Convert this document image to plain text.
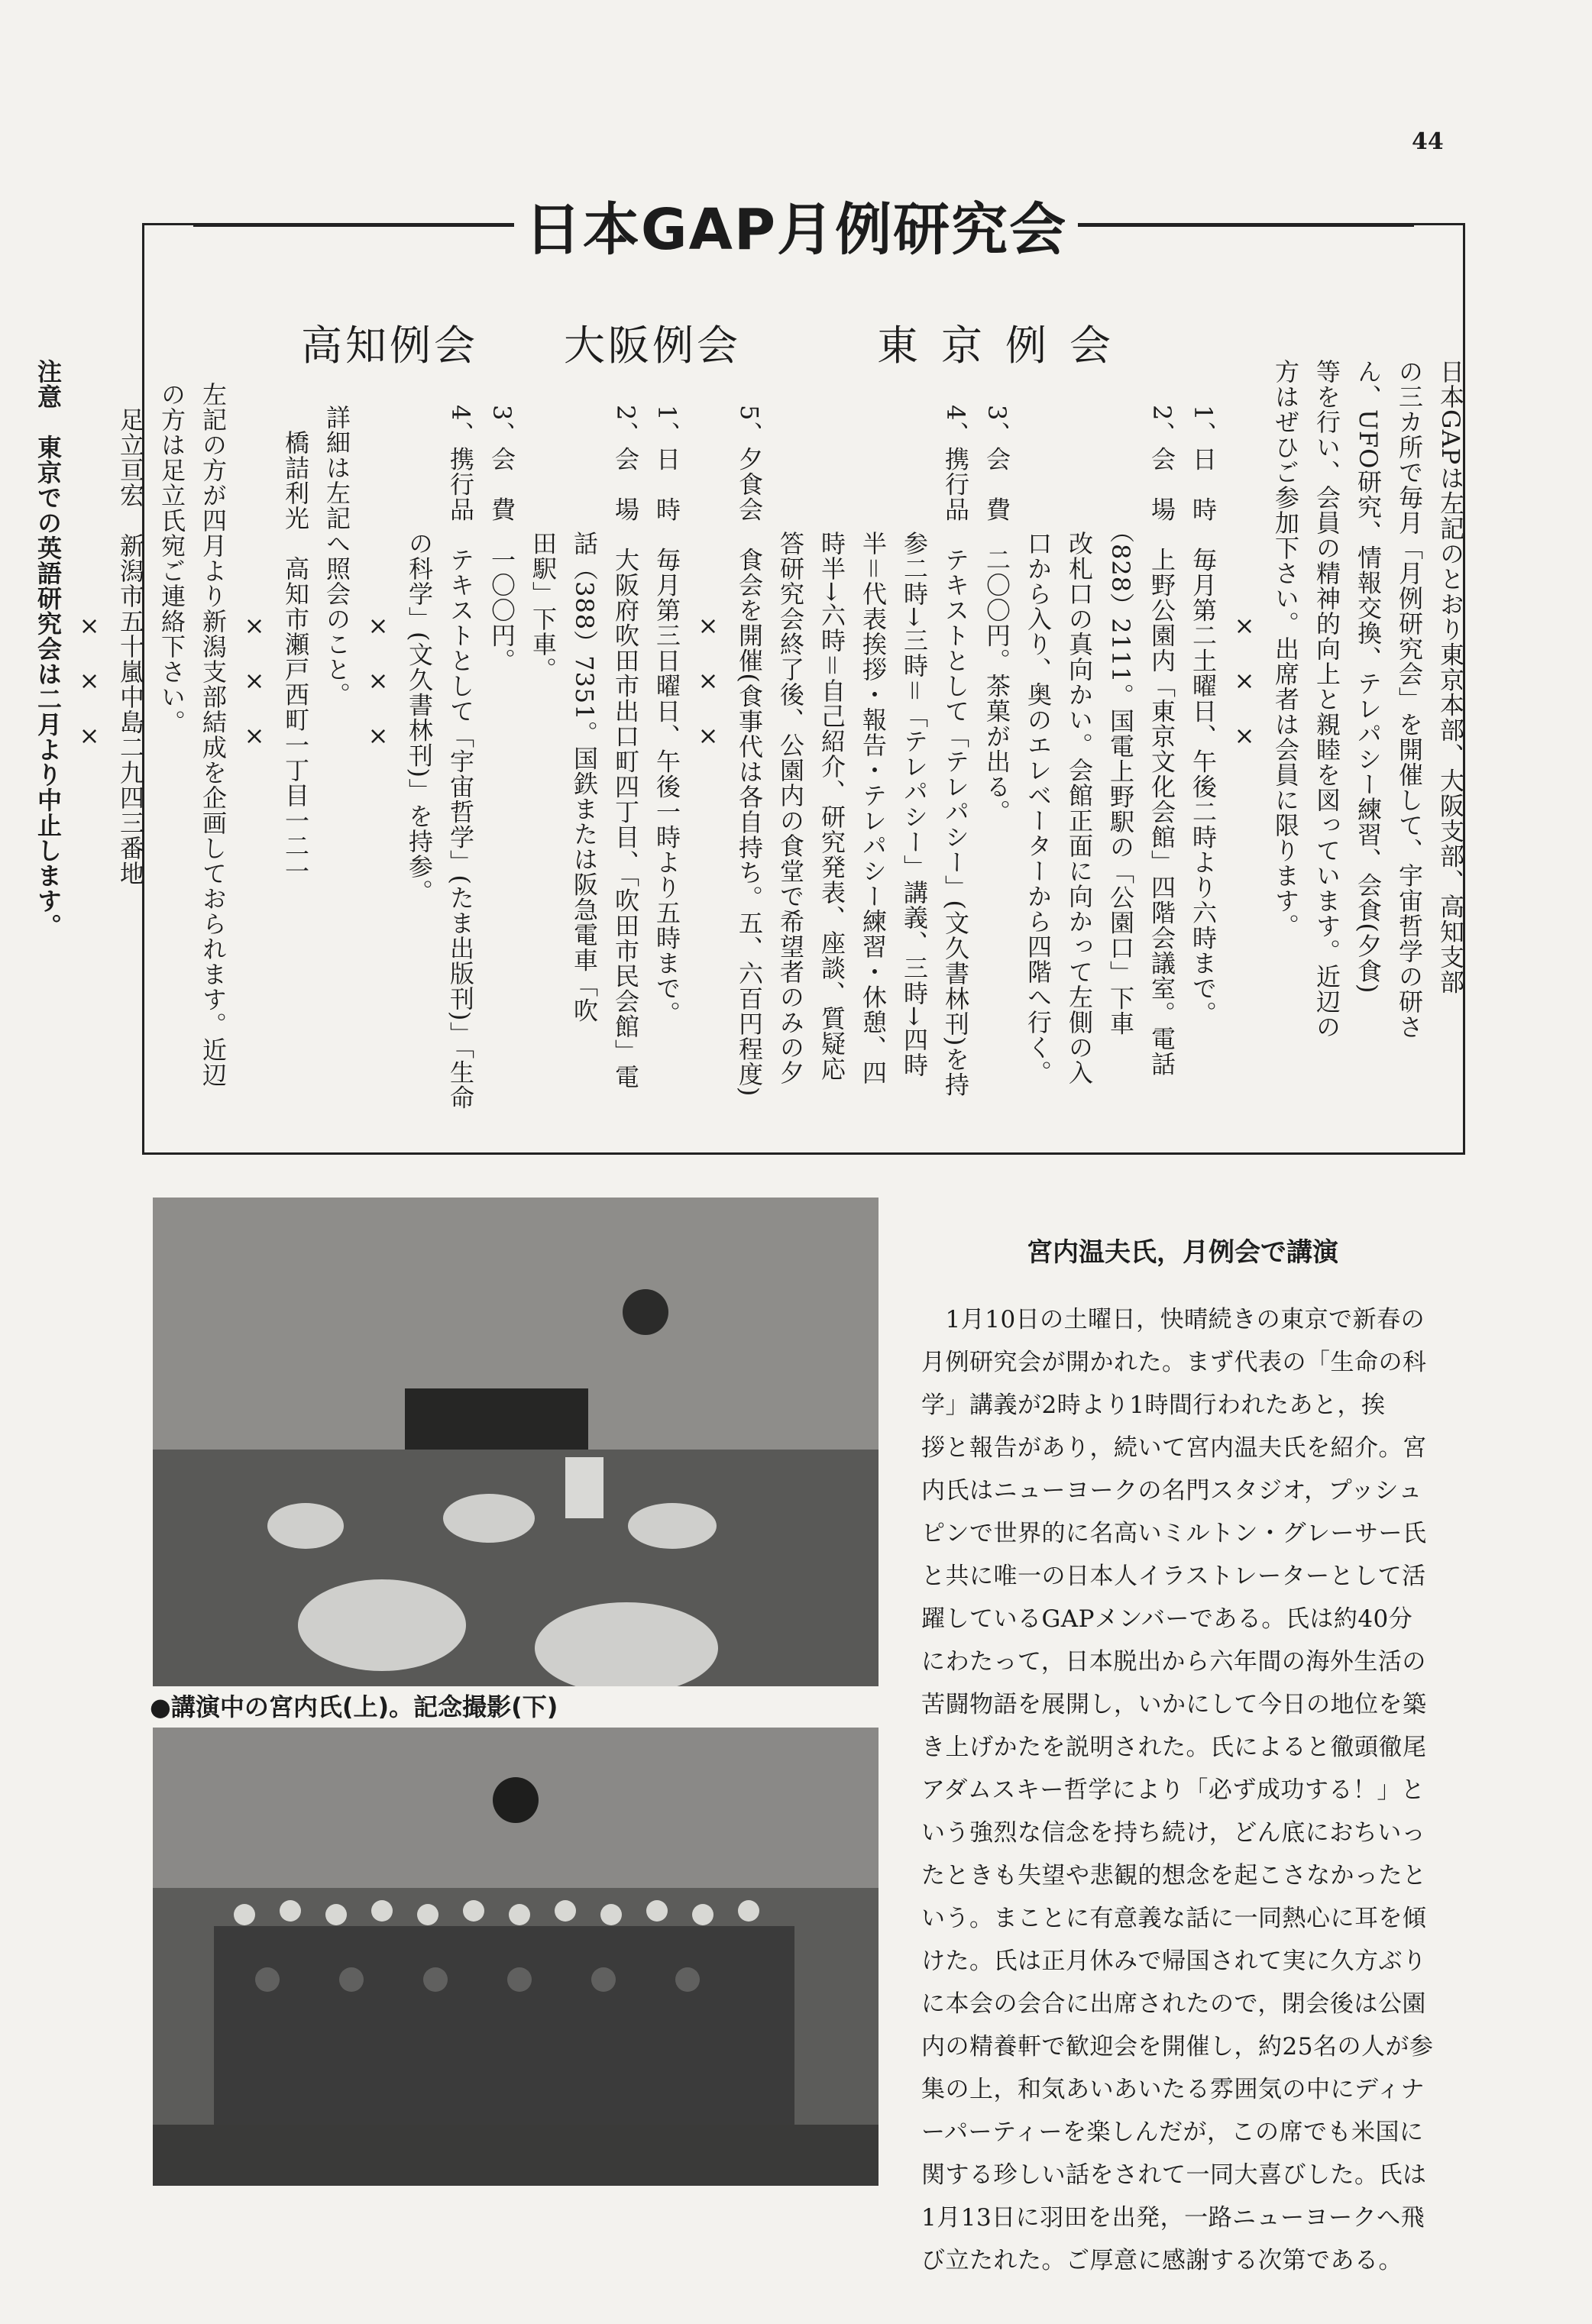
44
日本GAP月例研究会
高知例会 大阪例会	東京例会
日本GAPは左記のとおり東京本部、大阪支部、高知支部
の三カ所で毎月「月例研究会」を開催して、宇宙哲学の研さ
ん、UFO研究、情報交換、テレパシー練習、会食(夕食)
等を行い、会員の精神的向上と親睦を図っています。近辺の
方はぜひご参加下さい。出席者は会員に限ります。
×　×　×
1、日　時　毎月第二土曜日、午後二時より六時まで。
2、会　場　上野公園内「東京文化会館」四階会議室。電話
　　　　　（828）2111。国電上野駅の「公園口」下車
　　　　　改札口の真向かい。会館正面に向かって左側の入
　　　　　口から入り、奥のエレベーターから四階へ行く。
3、会　費　二〇〇円。茶菓が出る。
4、携行品　テキストとして「テレパシー」(文久書林刊)を持
　　　　　参二時→三時＝「テレパシー」講義、三時→四時
　　　　　半＝代表挨拶・報告・テレパシー練習・休憩、四
　　　　　時半→六時＝自己紹介、研究発表、座談、質疑応
　　　　　答研究会終了後、公園内の食堂で希望者のみの夕
5、夕食会　食会を開催(食事代は各自持ち。五、六百円程度)
×　×　×
1、日　時　毎月第三日曜日、午後一時より五時まで。
2、会　場　大阪府吹田市出口町四丁目、「吹田市民会館」電
　　　　　話（388）7351。国鉄または阪急電車「吹
　　　　　田駅」下車。
3、会　費　一〇〇円。
4、携行品　テキストとして「宇宙哲学」(たま出版刊)」「生命
　　　　　の科学」(文久書林刊)」を持参。
×　×　×
詳細は左記へ照会のこと。
　橋詰利光　高知市瀬戸西町一丁目一二一
×　×　×
左記の方が四月より新潟支部結成を企画しておられます。近辺
の方は足立氏宛ご連絡下さい。
　足立亘宏　新潟市五十嵐中島二九四三番地
×　×　×
注意　東京での英語研究会は二月より中止します。
●講演中の宮内氏(上)。記念撮影(下)
宮内温夫氏，月例会で講演

　1月10日の土曜日，快晴続きの東京で新春の

月例研究会が開かれた。まず代表の「生命の科

学」講義が2時より1時間行われたあと，挨

拶と報告があり，続いて宮内温夫氏を紹介。宮

内氏はニューヨークの名門スタジオ，プッシュ

ピンで世界的に名高いミルトン・グレーサー氏

と共に唯一の日本人イラストレーターとして活

躍しているGAPメンバーである。氏は約40分

にわたって，日本脱出から六年間の海外生活の

苦闘物語を展開し，いかにして今日の地位を築

き上げかたを説明された。氏によると徹頭徹尾

アダムスキー哲学により「必ず成功する！」と

いう強烈な信念を持ち続け，どん底におちいっ

たときも失望や悲観的想念を起こさなかったと

いう。まことに有意義な話に一同熱心に耳を傾

けた。氏は正月休みで帰国されて実に久方ぶり

に本会の会合に出席されたので，閉会後は公園

内の精養軒で歓迎会を開催し，約25名の人が参

集の上，和気あいあいたる雰囲気の中にディナ

ーパーティーを楽しんだが，この席でも米国に

関する珍しい話をされて一同大喜びした。氏は

1月13日に羽田を出発，一路ニューヨークへ飛

び立たれた。ご厚意に感謝する次第である。
